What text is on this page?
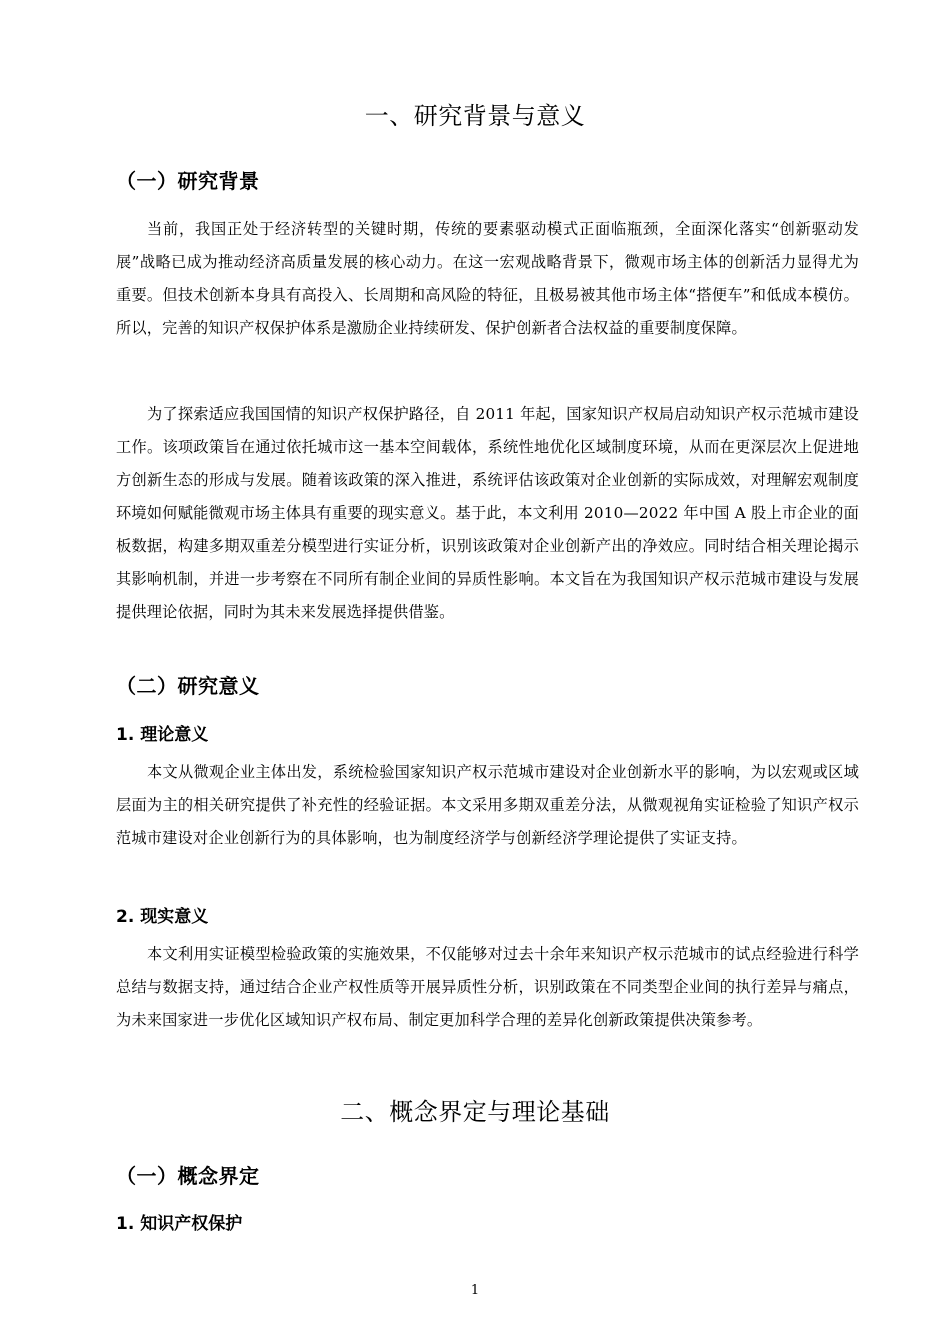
一、研究背景与意义
（一）研究背景

当前，我国正处于经济转型的关键时期，传统的要素驱动模式正面临瓶颈，全面深化落实“创新驱动发展”战略已成为推动经济高质量发展的核心动力。在这一宏观战略背景下，微观市场主体的创新活力显得尤为重要。但技术创新本身具有高投入、长周期和高风险的特征，且极易被其他市场主体“搭便车”和低成本模仿。所以，完善的知识产权保护体系是激励企业持续研发、保护创新者合法权益的重要制度保障。

为了探索适应我国国情的知识产权保护路径，自 2011 年起，国家知识产权局启动知识产权示范城市建设工作。该项政策旨在通过依托城市这一基本空间载体，系统性地优化区域制度环境，从而在更深层次上促进地方创新生态的形成与发展。随着该政策的深入推进，系统评估该政策对企业创新的实际成效，对理解宏观制度环境如何赋能微观市场主体具有重要的现实意义。基于此，本文利用 2010—2022 年中国 A 股上市企业的面板数据，构建多期双重差分模型进行实证分析，识别该政策对企业创新产出的净效应。同时结合相关理论揭示其影响机制，并进一步考察在不同所有制企业间的异质性影响。本文旨在为我国知识产权示范城市建设与发展提供理论依据，同时为其未来发展选择提供借鉴。

（二）研究意义
1. 理论意义

本文从微观企业主体出发，系统检验国家知识产权示范城市建设对企业创新水平的影响，为以宏观或区域层面为主的相关研究提供了补充性的经验证据。本文采用多期双重差分法，从微观视角实证检验了知识产权示范城市建设对企业创新行为的具体影响，也为制度经济学与创新经济学理论提供了实证支持。

2. 现实意义

本文利用实证模型检验政策的实施效果，不仅能够对过去十余年来知识产权示范城市的试点经验进行科学总结与数据支持，通过结合企业产权性质等开展异质性分析，识别政策在不同类型企业间的执行差异与痛点，为未来国家进一步优化区域知识产权布局、制定更加科学合理的差异化创新政策提供决策参考。

二、概念界定与理论基础
（一）概念界定
1. 知识产权保护
1
